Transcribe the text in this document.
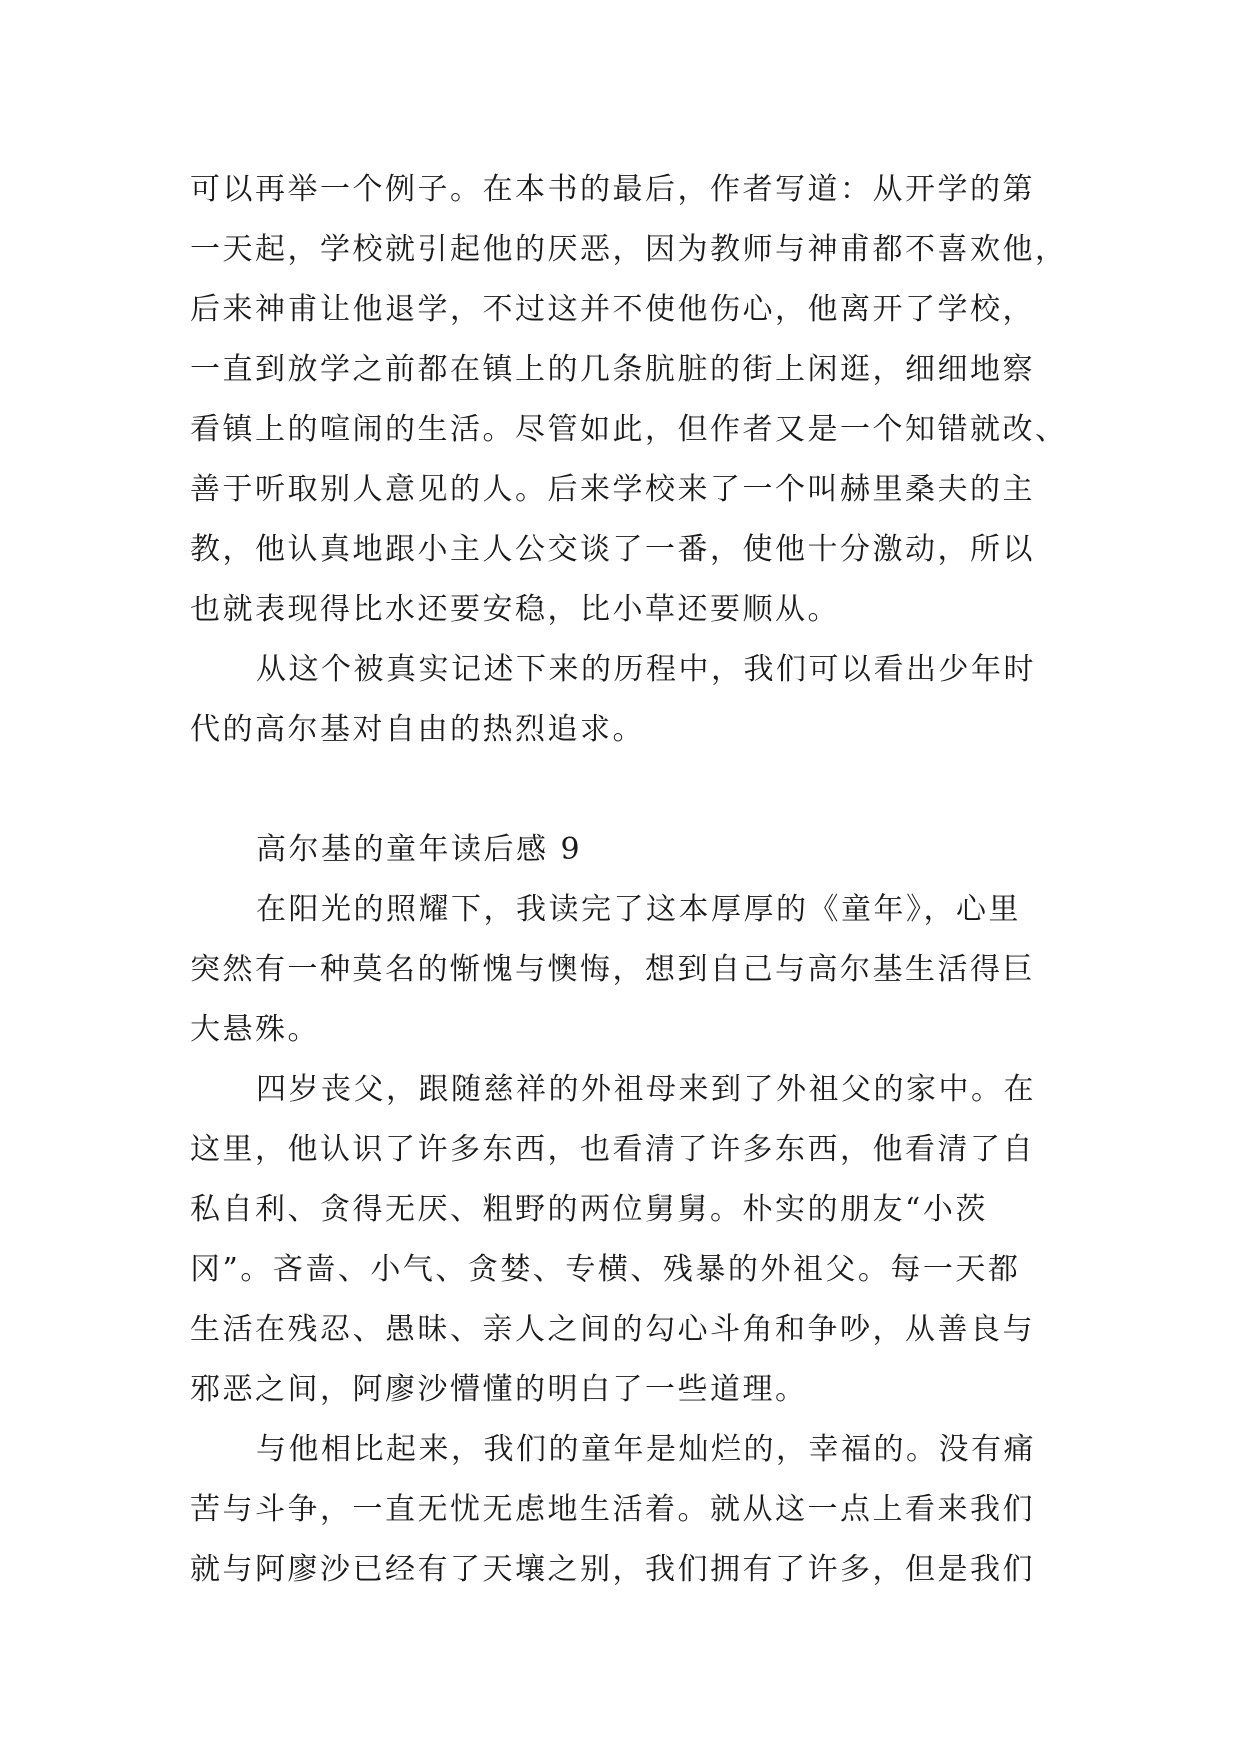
可以再举一个例子。在本书的最后，作者写道：从开学的第
一天起，学校就引起他的厌恶，因为教师与神甫都不喜欢他，
后来神甫让他退学，不过这并不使他伤心，他离开了学校，
一直到放学之前都在镇上的几条肮脏的街上闲逛，细细地察
看镇上的喧闹的生活。尽管如此，但作者又是一个知错就改、
善于听取别人意见的人。后来学校来了一个叫赫里桑夫的主
教，他认真地跟小主人公交谈了一番，使他十分激动，所以
也就表现得比水还要安稳，比小草还要顺从。
从这个被真实记述下来的历程中，我们可以看出少年时
代的高尔基对自由的热烈追求。
高尔基的童年读后感 9
在阳光的照耀下，我读完了这本厚厚的《童年》，心里
突然有一种莫名的惭愧与懊悔，想到自己与高尔基生活得巨
大悬殊。
四岁丧父，跟随慈祥的外祖母来到了外祖父的家中。在
这里，他认识了许多东西，也看清了许多东西，他看清了自
私自利、贪得无厌、粗野的两位舅舅。朴实的朋友“小茨
冈”。吝啬、小气、贪婪、专横、残暴的外祖父。每一天都
生活在残忍、愚昧、亲人之间的勾心斗角和争吵，从善良与
邪恶之间，阿廖沙懵懂的明白了一些道理。
与他相比起来，我们的童年是灿烂的，幸福的。没有痛
苦与斗争，一直无忧无虑地生活着。就从这一点上看来我们
就与阿廖沙已经有了天壤之别，我们拥有了许多，但是我们
